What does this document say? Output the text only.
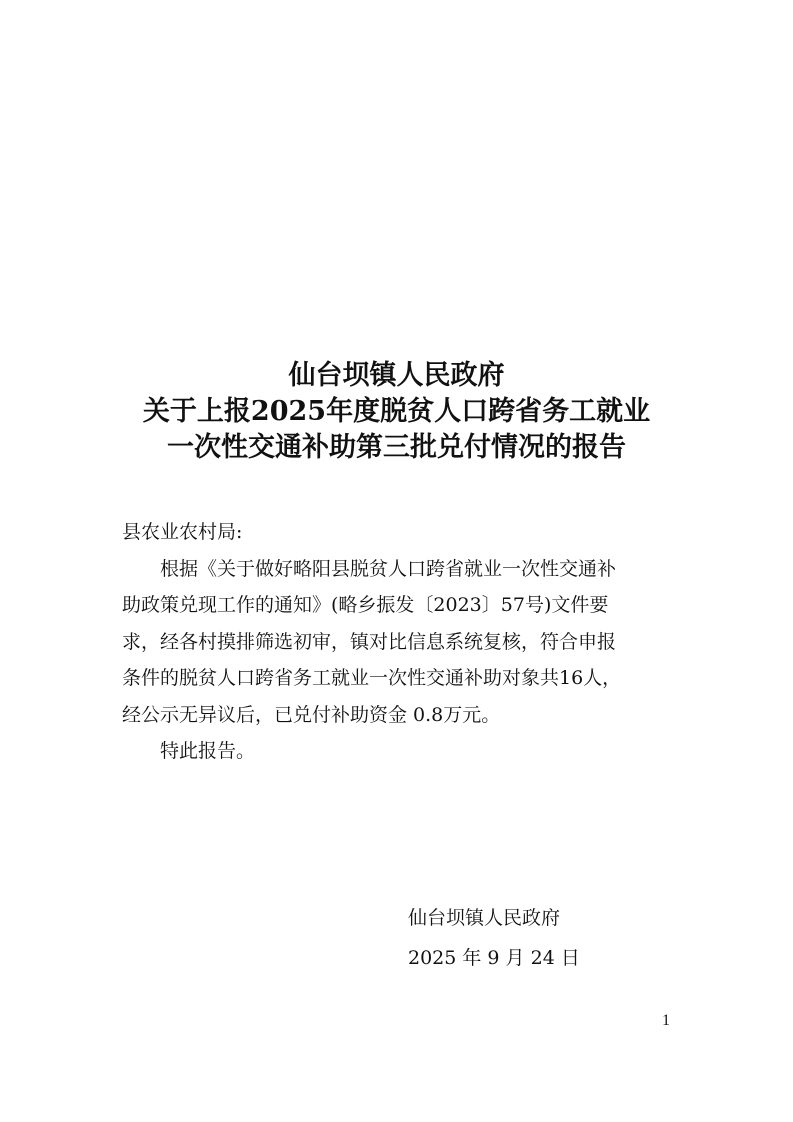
仙台坝镇人民政府
关于上报2025年度脱贫人口跨省务工就业
一次性交通补助第三批兑付情况的报告

县农业农村局:

根据《关于做好略阳县脱贫人口跨省就业一次性交通补

助政策兑现工作的通知》(略乡振发〔2023〕57号)文件要

求，经各村摸排筛选初审，镇对比信息系统复核，符合申报

条件的脱贫人口跨省务工就业一次性交通补助对象共16人，

经公示无异议后，已兑付补助资金 0.8万元。

特此报告。

仙台坝镇人民政府
2025 年 9 月 24 日
1
